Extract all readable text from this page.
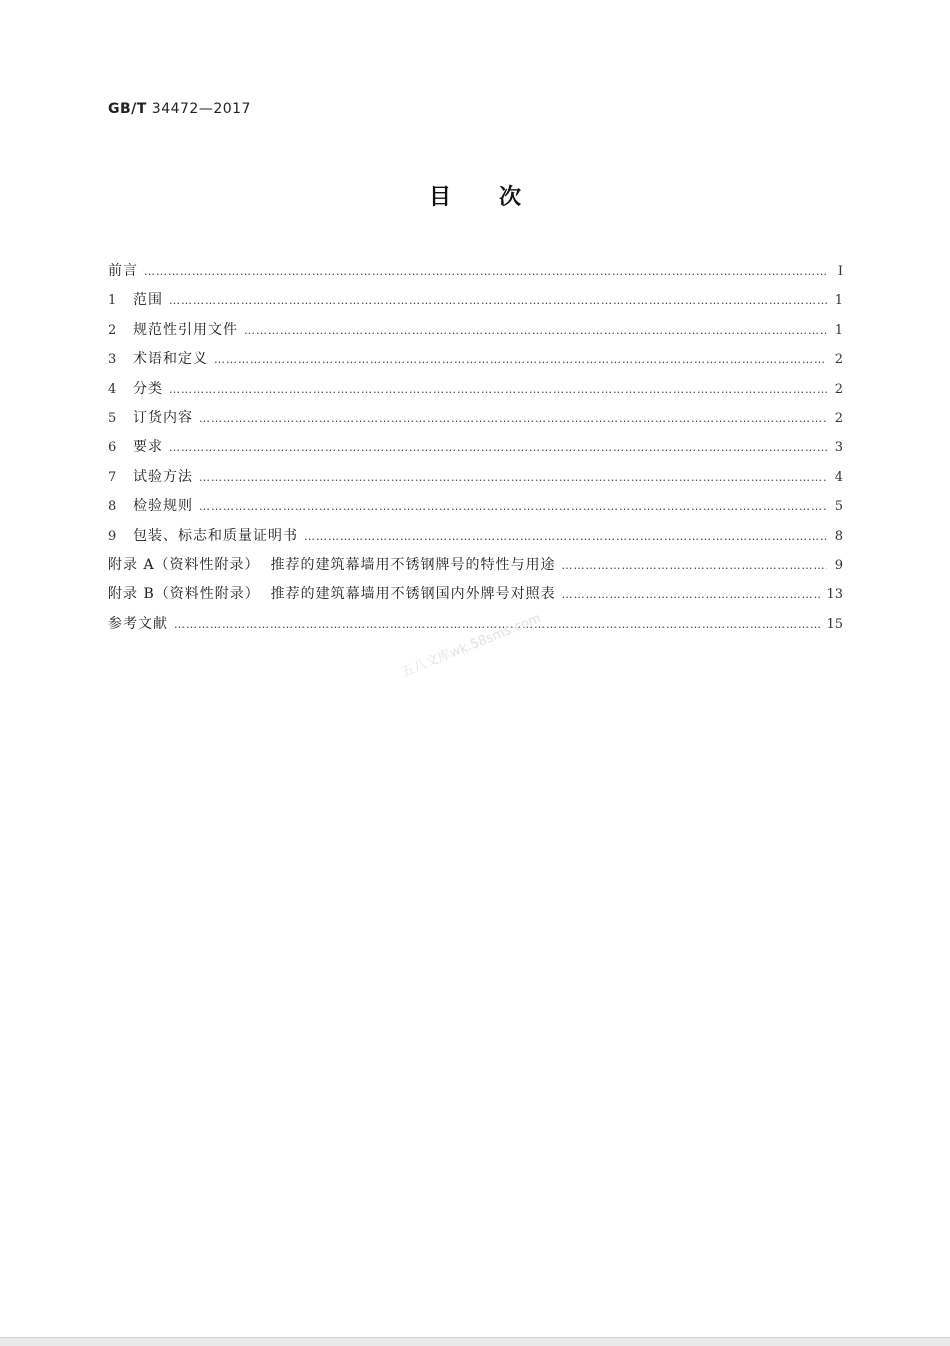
GB/T 34472—2017
目次
前言 …………………………………………………………………………………………………………………………………………………………………………………………	Ⅰ
1	范围 …………………………………………………………………………………………………………………………………………………………………………………………	1
2	规范性引用文件 …………………………………………………………………………………………………………………………………………………………………………………………	1
3	术语和定义 …………………………………………………………………………………………………………………………………………………………………………………………	2
4	分类 …………………………………………………………………………………………………………………………………………………………………………………………	2
5	订货内容 …………………………………………………………………………………………………………………………………………………………………………………………	2
6	要求 …………………………………………………………………………………………………………………………………………………………………………………………	3
7	试验方法 …………………………………………………………………………………………………………………………………………………………………………………………	4
8	检验规则 …………………………………………………………………………………………………………………………………………………………………………………………	5
9	包装、标志和质量证明书 …………………………………………………………………………………………………………………………………………………………………………………………	8
附录 A（资料性附录）  推荐的建筑幕墙用不锈钢牌号的特性与用途 …………………………………………………………………………………………………………………………………………………………………………………………	9
附录 B（资料性附录）  推荐的建筑幕墙用不锈钢国内外牌号对照表 …………………………………………………………………………………………………………………………………………………………………………………………	13
参考文献 …………………………………………………………………………………………………………………………………………………………………………………………	15
五八文库wk.58sms.com
